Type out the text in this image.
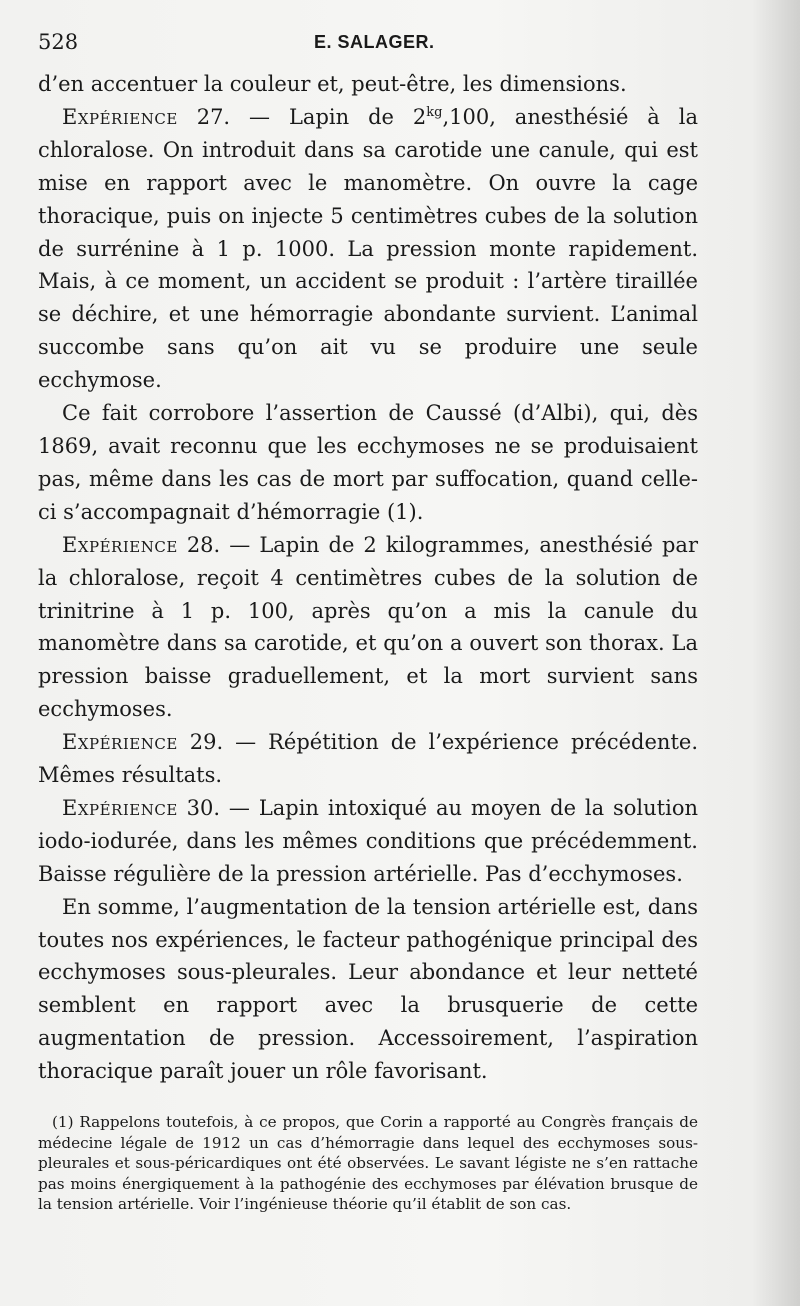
528	E. SALAGER.

d’en accentuer la couleur et, peut-être, les dimensions.

Expérience 27. — Lapin de $2^{kg},100$, anesthésié à la chloralose. On introduit dans sa carotide une canule, qui est mise en rapport avec le manomètre. On ouvre la cage thoracique, puis on injecte 5 centimètres cubes de la solution de surrénine à 1 p. 1000. La pression monte rapidement. Mais, à ce moment, un accident se produit : l’artère tiraillée se déchire, et une hémorragie abondante survient. L’animal succombe sans qu’on ait vu se produire une seule ecchymose.

Ce fait corrobore l’assertion de Caussé (d’Albi), qui, dès 1869, avait reconnu que les ecchymoses ne se produisaient pas, même dans les cas de mort par suffocation, quand celle-ci s’accompagnait d’hémorragie (1).

Expérience 28. — Lapin de 2 kilogrammes, anesthésié par la chloralose, reçoit 4 centimètres cubes de la solution de trinitrine à 1 p. 100, après qu’on a mis la canule du manomètre dans sa carotide, et qu’on a ouvert son thorax. La pression baisse graduellement, et la mort survient sans ecchymoses.

Expérience 29. — Répétition de l’expérience précédente. Mêmes résultats.

Expérience 30. — Lapin intoxiqué au moyen de la solution iodo-iodurée, dans les mêmes conditions que précédemment. Baisse régulière de la pression artérielle. Pas d’ecchymoses.

En somme, l’augmentation de la tension artérielle est, dans toutes nos expériences, le facteur pathogénique principal des ecchymoses sous-pleurales. Leur abondance et leur netteté semblent en rapport avec la brusquerie de cette augmentation de pression. Accessoirement, l’aspiration thoracique paraît jouer un rôle favorisant.

(1) Rappelons toutefois, à ce propos, que Corin a rapporté au Congrès français de médecine légale de 1912 un cas d’hémorragie dans lequel des ecchymoses sous-pleurales et sous-péricardiques ont été observées. Le savant légiste ne s’en rattache pas moins énergiquement à la pathogénie des ecchymoses par élévation brusque de la tension artérielle. Voir l’ingénieuse théorie qu’il établit de son cas.
